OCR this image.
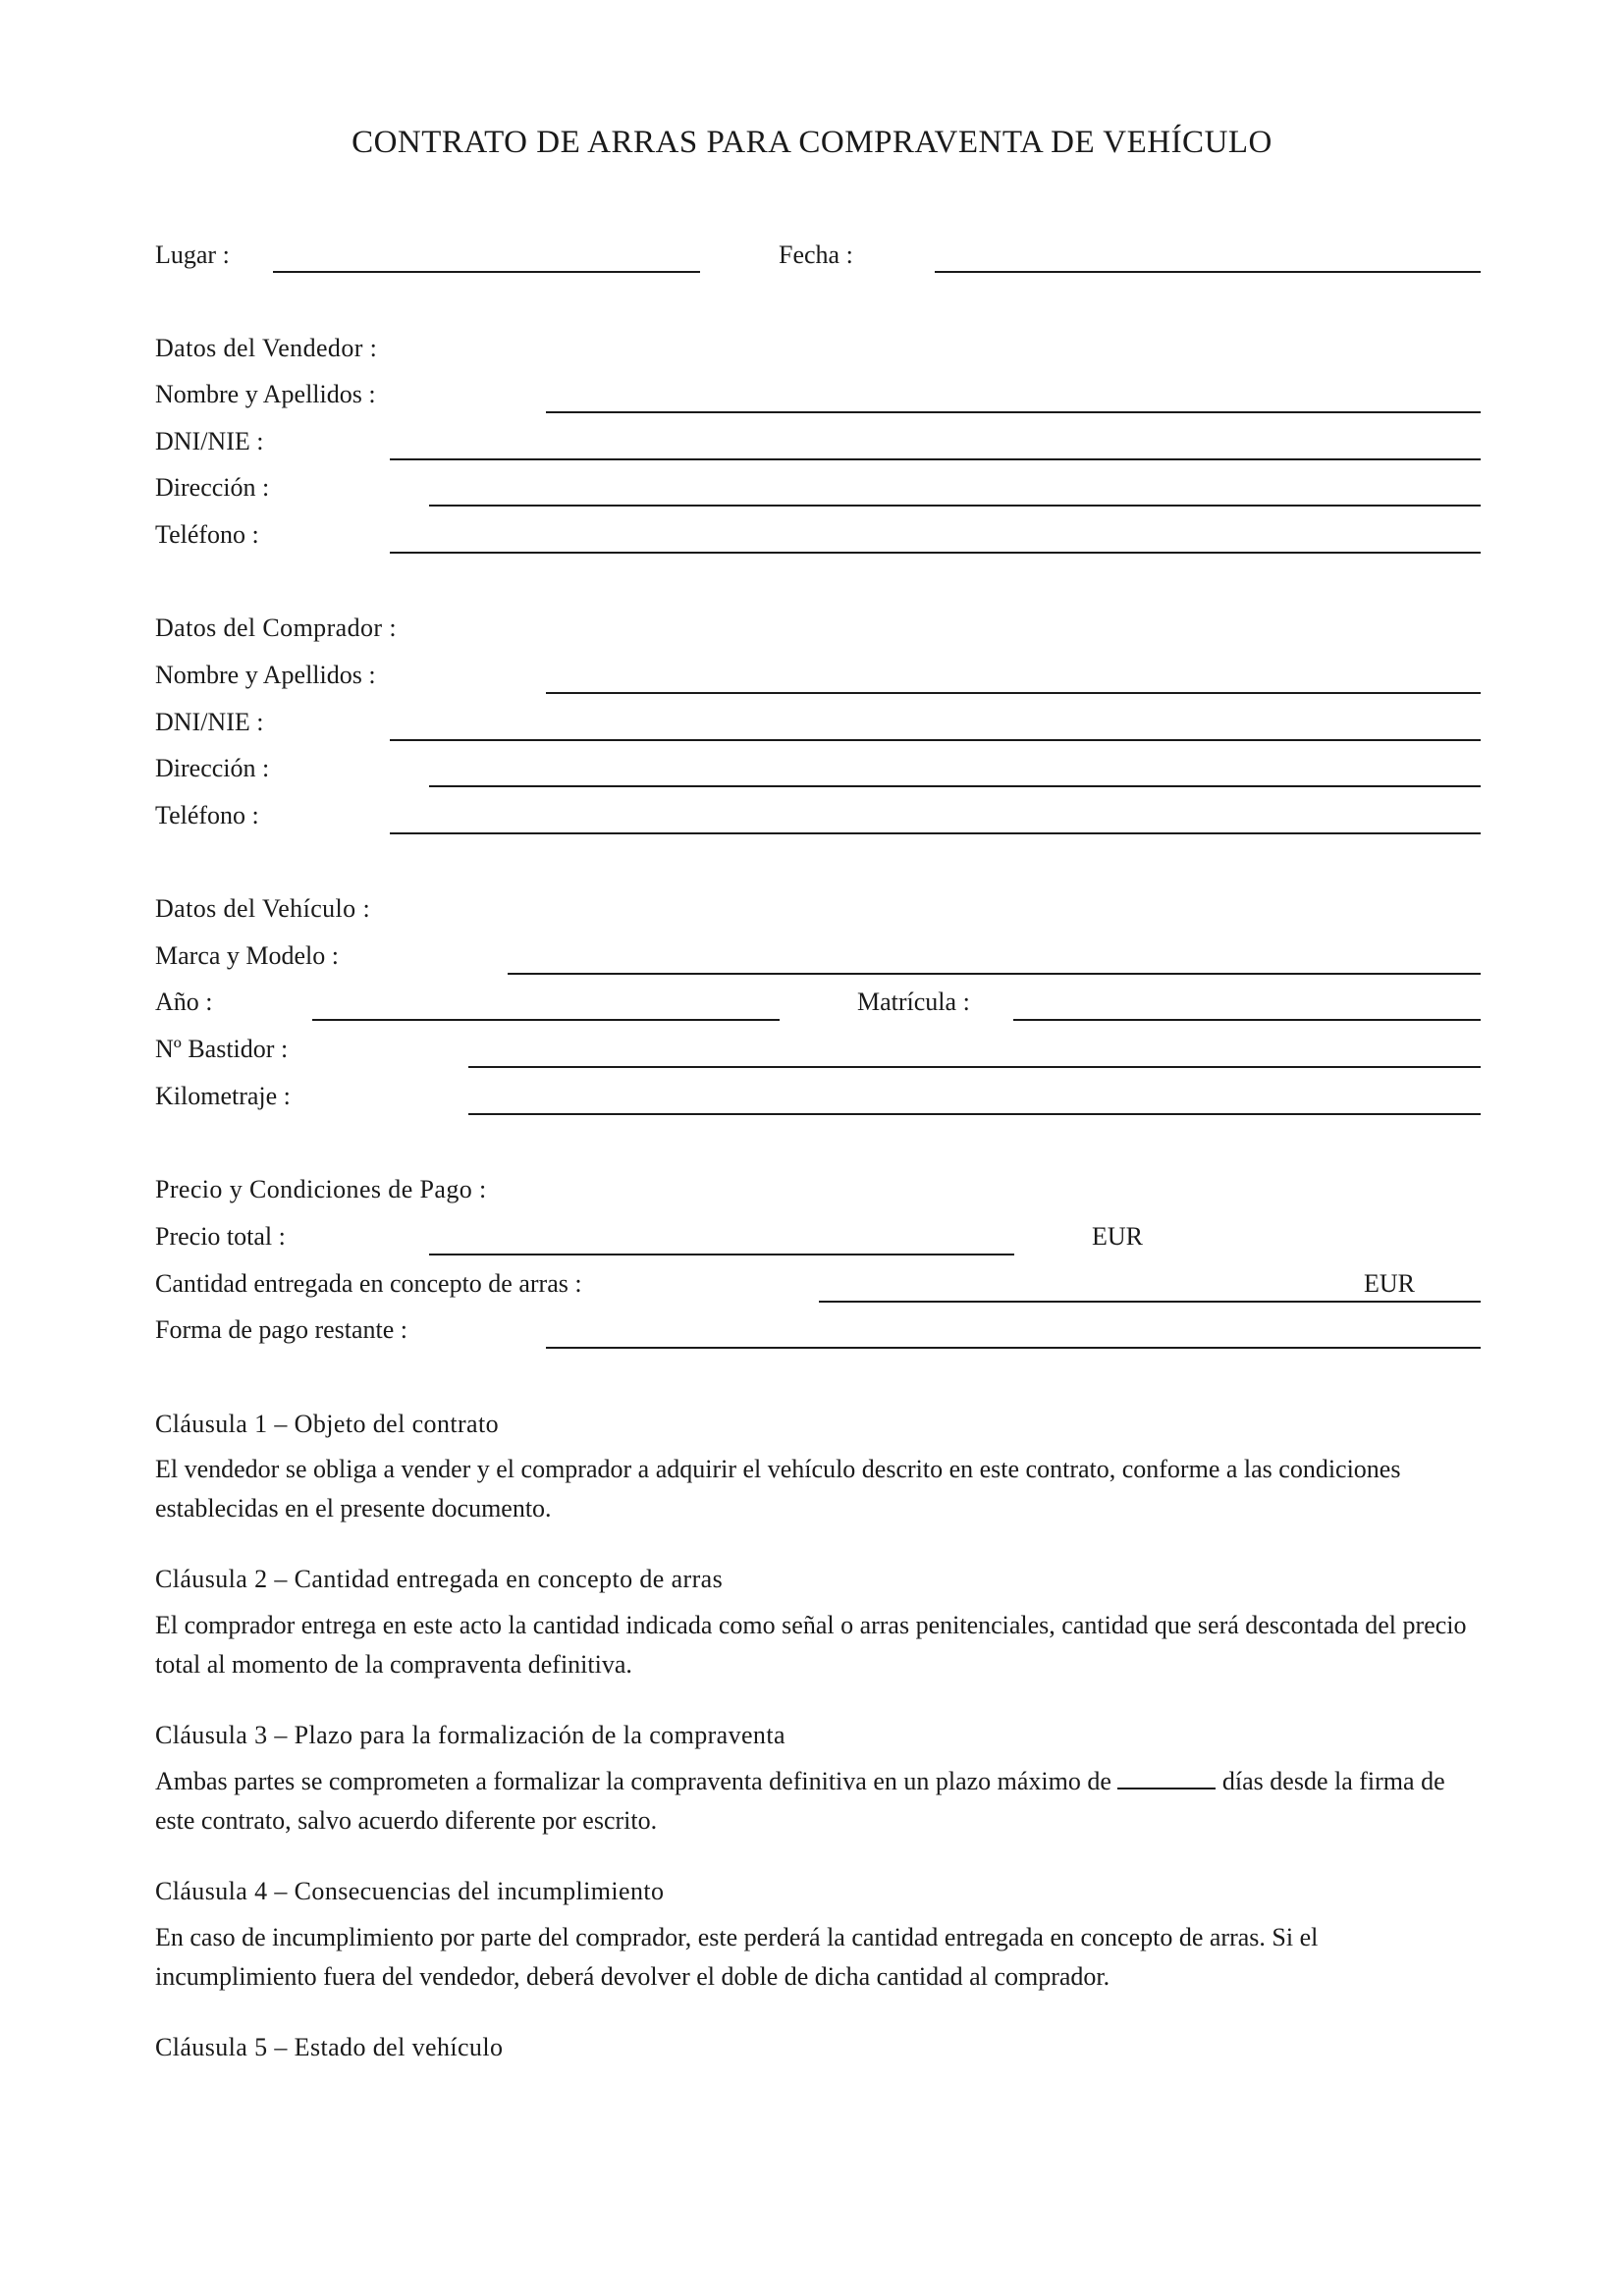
CONTRATO DE ARRAS PARA COMPRAVENTA DE VEHÍCULO
Lugar :	Fecha :
Datos del Vendedor :
Nombre y Apellidos :
DNI/NIE :
Dirección :
Teléfono :
Datos del Comprador :
Nombre y Apellidos :
DNI/NIE :
Dirección :
Teléfono :
Datos del Vehículo :
Marca y Modelo :
Año :	Matrícula :
Nº Bastidor :
Kilometraje :
Precio y Condiciones de Pago :
Precio total :	EUR
Cantidad entregada en concepto de arras :	EUR
Forma de pago restante :
Cláusula 1 – Objeto del contrato
El vendedor se obliga a vender y el comprador a adquirir el vehículo descrito en este contrato, conforme a las condiciones establecidas en el presente documento.
Cláusula 2 – Cantidad entregada en concepto de arras
El comprador entrega en este acto la cantidad indicada como señal o arras penitenciales, cantidad que será descontada del precio total al momento de la compraventa definitiva.
Cláusula 3 – Plazo para la formalización de la compraventa
Ambas partes se comprometen a formalizar la compraventa definitiva en un plazo máximo de	días desde la firma de este contrato, salvo acuerdo diferente por escrito.
Cláusula 4 – Consecuencias del incumplimiento
En caso de incumplimiento por parte del comprador, este perderá la cantidad entregada en concepto de arras. Si el incumplimiento fuera del vendedor, deberá devolver el doble de dicha cantidad al comprador.
Cláusula 5 – Estado del vehículo
